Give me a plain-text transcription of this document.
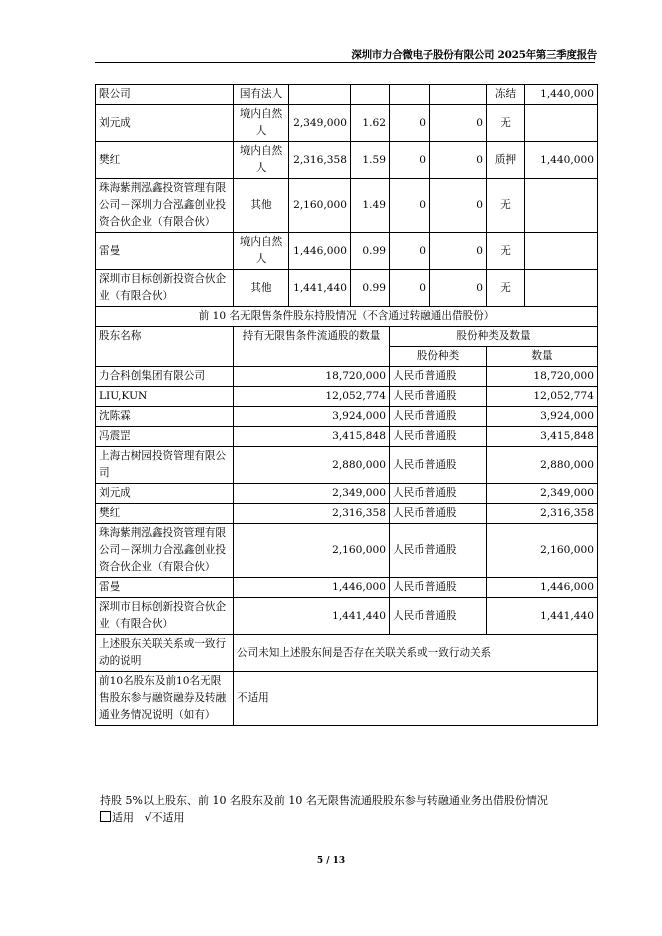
深圳市力合微电子股份有限公司 2025年第三季度报告
限公司	国有法人					冻结	1,440,000
刘元成	境内自然人	2,349,000	1.62	0	0	无	
樊红	境内自然人	2,316,358	1.59	0	0	质押	1,440,000
珠海紫荆泓鑫投资管理有限公司－深圳力合泓鑫创业投资合伙企业（有限合伙）	其他	2,160,000	1.49	0	0	无	
雷曼	境内自然人	1,446,000	0.99	0	0	无	
深圳市目标创新投资合伙企业（有限合伙）	其他	1,441,440	0.99	0	0	无	
前 10 名无限售条件股东持股情况（不含通过转融通出借股份）							
股东名称	持有无限售条件流通股的数量			股份种类及数量			
				股份种类		数量	
力合科创集团有限公司	18,720,000			人民币普通股		18,720,000	
LIU,KUN	12,052,774			人民币普通股		12,052,774	
沈陈霖	3,924,000			人民币普通股		3,924,000	
冯震罡	3,415,848			人民币普通股		3,415,848	
上海古树园投资管理有限公司	2,880,000			人民币普通股		2,880,000	
刘元成	2,349,000			人民币普通股		2,349,000	
樊红	2,316,358			人民币普通股		2,316,358	
珠海紫荆泓鑫投资管理有限公司－深圳力合泓鑫创业投资合伙企业（有限合伙）	2,160,000			人民币普通股		2,160,000	
雷曼	1,446,000			人民币普通股		1,446,000	
深圳市目标创新投资合伙企业（有限合伙）	1,441,440			人民币普通股		1,441,440	
上述股东关联关系或一致行动的说明	公司未知上述股东间是否存在关联关系或一致行动关系						
前10名股东及前10名无限售股东参与融资融券及转融通业务情况说明（如有）	不适用						
持股 5%以上股东、前 10 名股东及前 10 名无限售流通股股东参与转融通业务出借股份情况
适用 √不适用
5 / 13
